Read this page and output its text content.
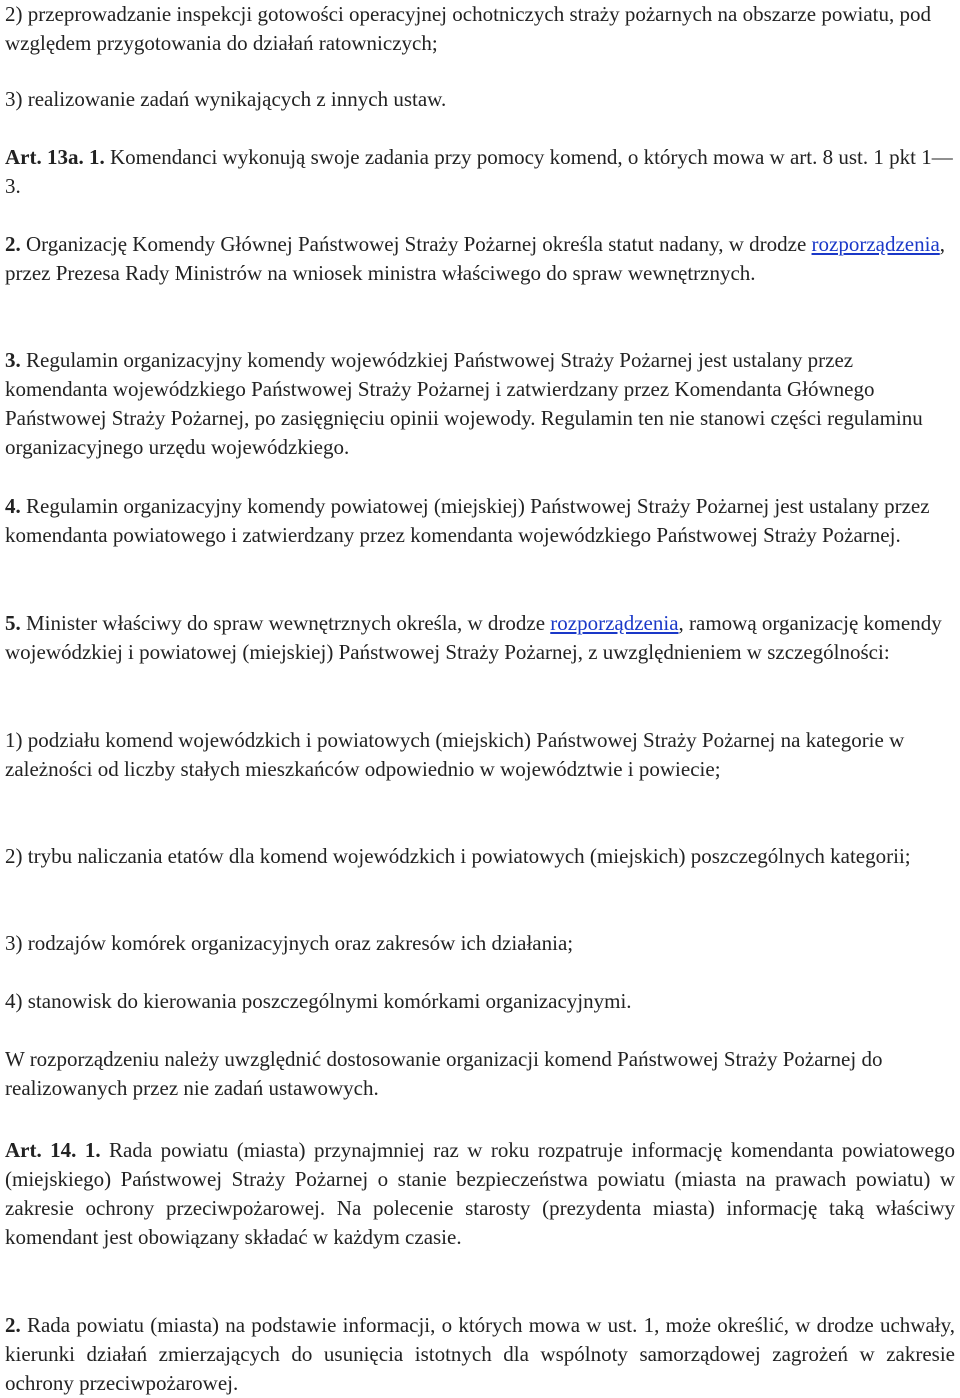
2) przeprowadzanie inspekcji gotowości operacyjnej ochotniczych straży pożarnych na obszarze powiatu, pod względem przygotowania do działań ratowniczych;

3) realizowanie zadań wynikających z innych ustaw.

Art. 13a. 1. Komendanci wykonują swoje zadania przy pomocy komend, o których mowa w art. 8 ust. 1 pkt 1—3.

2. Organizację Komendy Głównej Państwowej Straży Pożarnej określa statut nadany, w drodze rozporządzenia, przez Prezesa Rady Ministrów na wniosek ministra właściwego do spraw wewnętrznych.

3. Regulamin organizacyjny komendy wojewódzkiej Państwowej Straży Pożarnej jest ustalany przez komendanta wojewódzkiego Państwowej Straży Pożarnej i zatwierdzany przez Komendanta Głównego Państwowej Straży Pożarnej, po zasięgnięciu opinii wojewody. Regulamin ten nie stanowi części regulaminu organizacyjnego urzędu wojewódzkiego.

4. Regulamin organizacyjny komendy powiatowej (miejskiej) Państwowej Straży Pożarnej jest ustalany przez komendanta powiatowego i zatwierdzany przez komendanta wojewódzkiego Państwowej Straży Pożarnej.

5. Minister właściwy do spraw wewnętrznych określa, w drodze rozporządzenia, ramową organizację komendy wojewódzkiej i powiatowej (miejskiej) Państwowej Straży Pożarnej, z uwzględnieniem w szczególności:

1) podziału komend wojewódzkich i powiatowych (miejskich) Państwowej Straży Pożarnej na kategorie w zależności od liczby stałych mieszkańców odpowiednio w województwie i powiecie;

2) trybu naliczania etatów dla komend wojewódzkich i powiatowych (miejskich) poszczególnych kategorii;

3) rodzajów komórek organizacyjnych oraz zakresów ich działania;

4) stanowisk do kierowania poszczególnymi komórkami organizacyjnymi.

W rozporządzeniu należy uwzględnić dostosowanie organizacji komend Państwowej Straży Pożarnej do realizowanych przez nie zadań ustawowych.

Art. 14. 1. Rada powiatu (miasta) przynajmniej raz w roku rozpatruje informację komendanta powiatowego (miejskiego) Państwowej Straży Pożarnej o stanie bezpieczeństwa powiatu (miasta na prawach powiatu) w zakresie ochrony przeciwpożarowej. Na polecenie starosty (prezydenta miasta) informację taką właściwy komendant jest obowiązany składać w każdym czasie.

2. Rada powiatu (miasta) na podstawie informacji, o których mowa w ust. 1, może określić, w drodze uchwały, kierunki działań zmierzających do usunięcia istotnych dla wspólnoty samorządowej zagrożeń w zakresie ochrony przeciwpożarowej.
